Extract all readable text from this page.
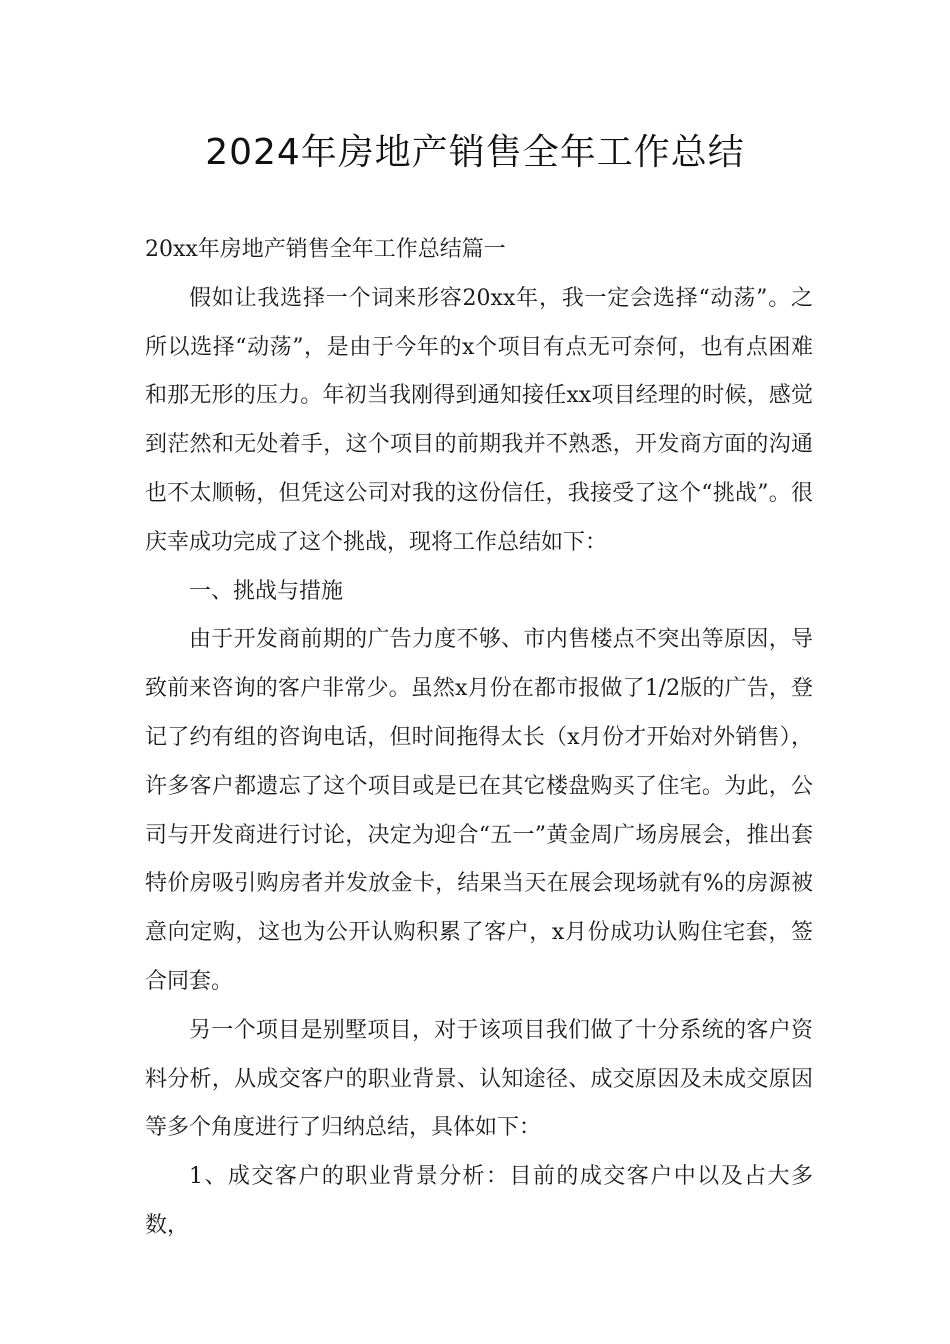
2024年房地产销售全年工作总结

20xx年房地产销售全年工作总结篇一

假如让我选择一个词来形容20xx年，我一定会选择“动荡”。之所以选择“动荡”，是由于今年的x个项目有点无可奈何，也有点困难和那无形的压力。年初当我刚得到通知接任xx项目经理的时候，感觉到茫然和无处着手，这个项目的前期我并不熟悉，开发商方面的沟通也不太顺畅，但凭这公司对我的这份信任，我接受了这个“挑战”。很庆幸成功完成了这个挑战，现将工作总结如下：

一、挑战与措施

由于开发商前期的广告力度不够、市内售楼点不突出等原因，导致前来咨询的客户非常少。虽然x月份在都市报做了1/2版的广告，登记了约有组的咨询电话，但时间拖得太长（x月份才开始对外销售），许多客户都遗忘了这个项目或是已在其它楼盘购买了住宅。为此，公司与开发商进行讨论，决定为迎合“五一”黄金周广场房展会，推出套特价房吸引购房者并发放金卡，结果当天在展会现场就有%的房源被意向定购，这也为公开认购积累了客户，x月份成功认购住宅套，签合同套。

另一个项目是别墅项目，对于该项目我们做了十分系统的客户资料分析，从成交客户的职业背景、认知途径、成交原因及未成交原因等多个角度进行了归纳总结，具体如下：

1、成交客户的职业背景分析：目前的成交客户中以及占大多数，
